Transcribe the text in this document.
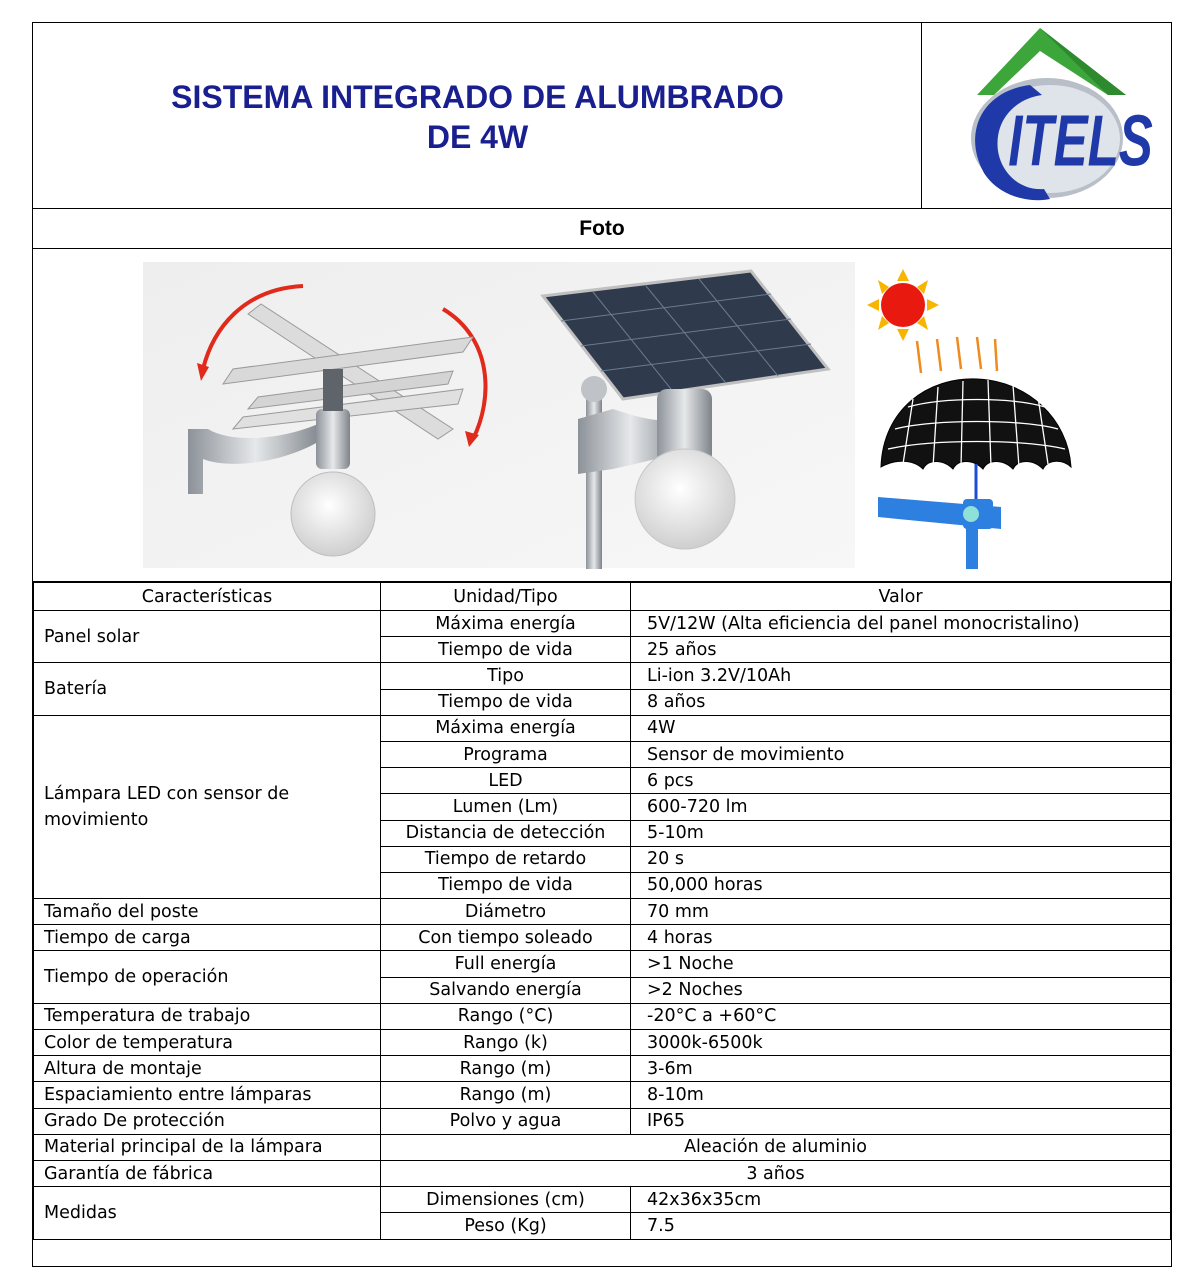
SISTEMA INTEGRADO DE ALUMBRADO
DE 4W	ITELS
Foto
Características	Unidad/Tipo	Valor
Panel solar	Máxima energía	5V/12W (Alta eficiencia del panel monocristalino)
	Tiempo de vida	25 años
Batería	Tipo	Li-ion 3.2V/10Ah
	Tiempo de vida	8 años
Lámpara LED con sensor de movimiento	Máxima energía	4W
	Programa	Sensor de movimiento
	LED	6 pcs
	Lumen (Lm)	600-720 lm
	Distancia de detección	5-10m
	Tiempo de retardo	20 s
	Tiempo de vida	50,000 horas
Tamaño del poste	Diámetro	70 mm
Tiempo de carga	Con tiempo soleado	4 horas
Tiempo de operación	Full energía	>1 Noche
	Salvando energía	>2 Noches
Temperatura de trabajo	Rango (°C)	-20°C a +60°C
Color de temperatura	Rango (k)	3000k-6500k
Altura de montaje	Rango (m)	3-6m
Espaciamiento entre lámparas	Rango (m)	8-10m
Grado De protección	Polvo y agua	IP65
Material principal de la lámpara	Aleación de aluminio	
Garantía de fábrica	3 años	
Medidas	Dimensiones (cm)	42x36x35cm
	Peso (Kg)	7.5
